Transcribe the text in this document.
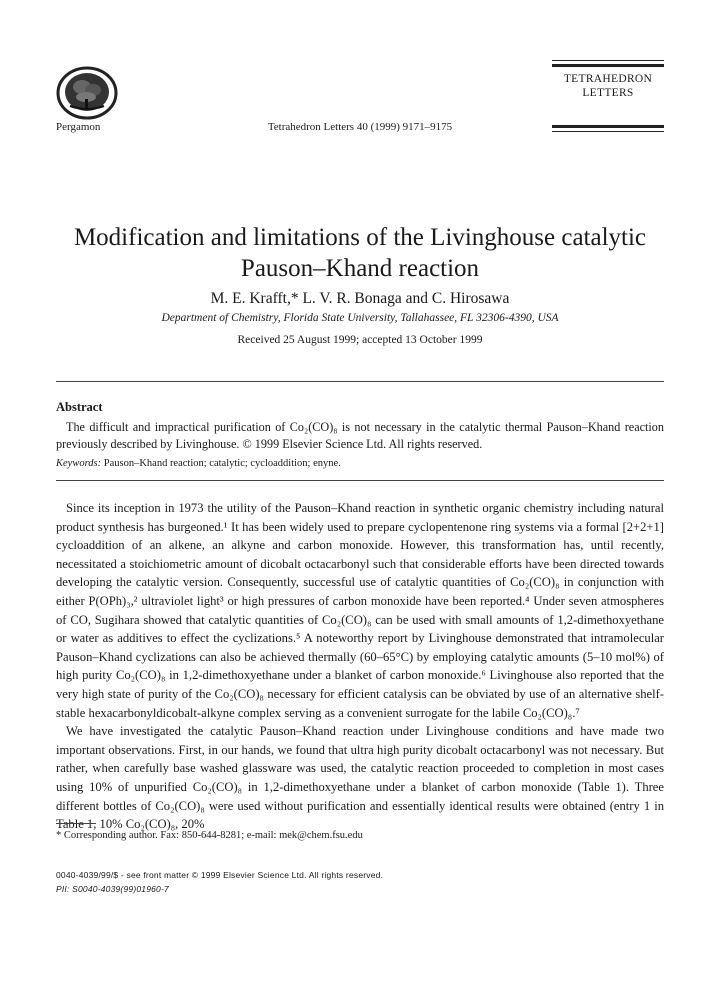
Pergamon	Tetrahedron Letters 40 (1999) 9171–9175
TETRAHEDRON
LETTERS
Modification and limitations of the Livinghouse catalytic
Pauson–Khand reaction
M. E. Krafft,* L. V. R. Bonaga and C. Hirosawa
Department of Chemistry, Florida State University, Tallahassee, FL 32306-4390, USA
Received 25 August 1999; accepted 13 October 1999
Abstract
The difficult and impractical purification of Co₂(CO)₈ is not necessary in the catalytic thermal Pauson–Khand reaction previously described by Livinghouse. © 1999 Elsevier Science Ltd. All rights reserved.
Keywords: Pauson–Khand reaction; catalytic; cycloaddition; enyne.

Since its inception in 1973 the utility of the Pauson–Khand reaction in synthetic organic chemistry including natural product synthesis has burgeoned.¹ It has been widely used to prepare cyclopentenone ring systems via a formal [2+2+1] cycloaddition of an alkene, an alkyne and carbon monoxide. However, this transformation has, until recently, necessitated a stoichiometric amount of dicobalt octacarbonyl such that considerable efforts have been directed towards developing the catalytic version. Consequently, successful use of catalytic quantities of Co₂(CO)₈ in conjunction with either P(OPh)₃,² ultraviolet light³ or high pressures of carbon monoxide have been reported.⁴ Under seven atmospheres of CO, Sugihara showed that catalytic quantities of Co₂(CO)₈ can be used with small amounts of 1,2-dimethoxyethane or water as additives to effect the cyclizations.⁵ A noteworthy report by Livinghouse demonstrated that intramolecular Pauson–Khand cyclizations can also be achieved thermally (60–65°C) by employing catalytic amounts (5–10 mol%) of high purity Co₂(CO)₈ in 1,2-dimethoxyethane under a blanket of carbon monoxide.⁶ Livinghouse also reported that the very high state of purity of the Co₂(CO)₈ necessary for efficient catalysis can be obviated by use of an alternative shelf-stable hexacarbonyldicobalt-alkyne complex serving as a convenient surrogate for the labile Co₂(CO)₈.⁷

We have investigated the catalytic Pauson–Khand reaction under Livinghouse conditions and have made two important observations. First, in our hands, we found that ultra high purity dicobalt octacarbonyl was not necessary. But rather, when carefully base washed glassware was used, the catalytic reaction proceeded to completion in most cases using 10% of unpurified Co₂(CO)₈ in 1,2-dimethoxyethane under a blanket of carbon monoxide (Table 1). Three different bottles of Co₂(CO)₈ were used without purification and essentially identical results were obtained (entry 1 in Table 1, 10% Co₂(CO)₈, 20%

* Corresponding author. Fax: 850-644-8281; e-mail: mek@chem.fsu.edu
0040-4039/99/$ - see front matter © 1999 Elsevier Science Ltd. All rights reserved.
PII: S0040-4039(99)01960-7
